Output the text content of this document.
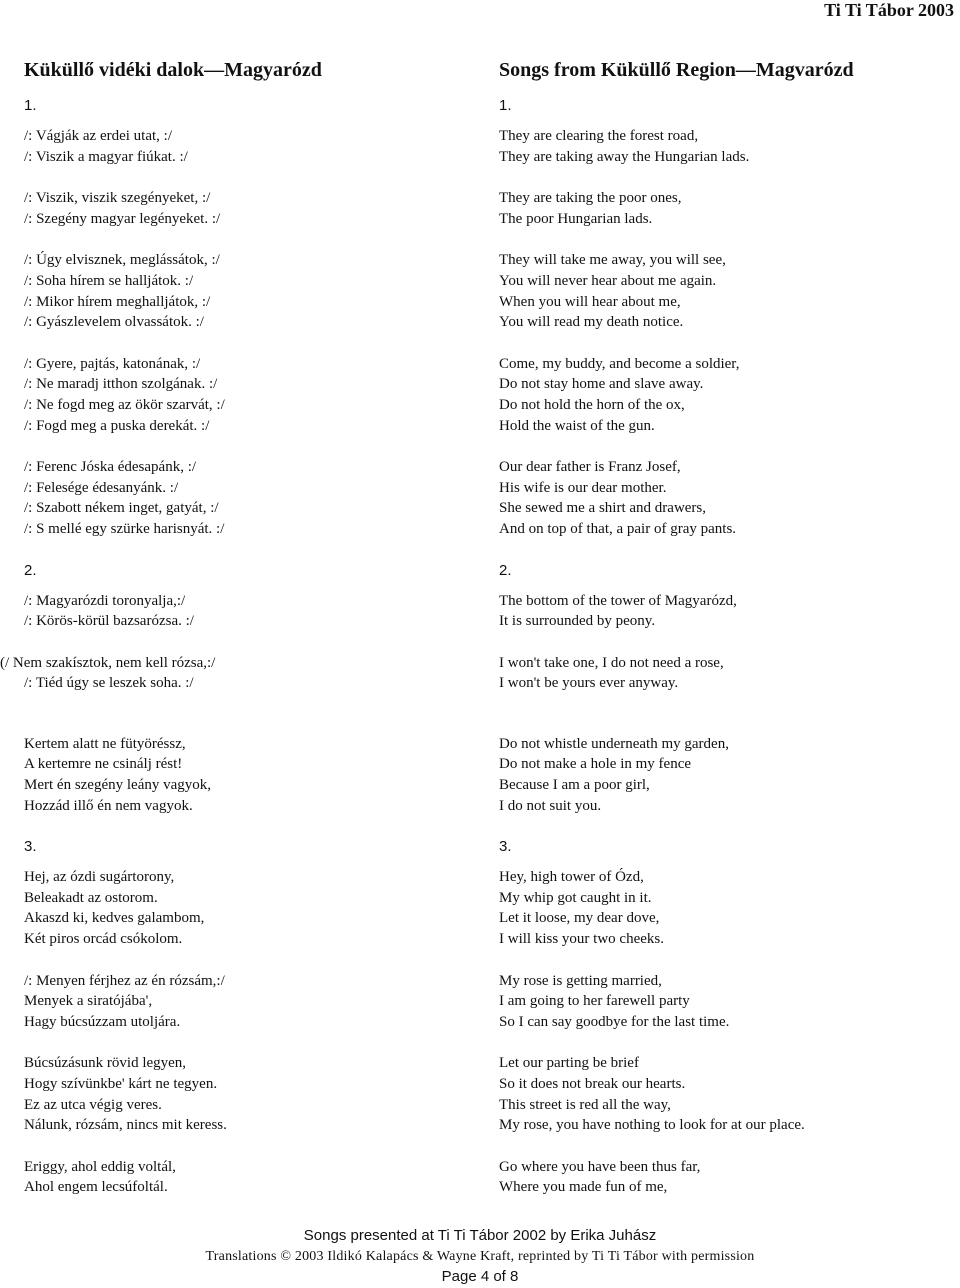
Ti Ti Tábor 2003
Küküllő vidéki dalok—Magyarózd
1.
/: Vágják az erdei utat, :/
/: Viszik a magyar fiúkat. :/
/: Viszik, viszik szegényeket, :/
/: Szegény magyar legényeket. :/
/: Úgy elvisznek, meglássátok, :/
/: Soha hírem se halljátok. :/
/: Mikor hírem meghalljátok, :/
/: Gyászlevelem olvassátok. :/
/: Gyere, pajtás, katonának, :/
/: Ne maradj itthon szolgának. :/
/: Ne fogd meg az ökör szarvát, :/
/: Fogd meg a puska derekát. :/
/: Ferenc Jóska édesapánk, :/
/: Felesége édesanyánk. :/
/: Szabott nékem inget, gatyát, :/
/: S mellé egy szürke harisnyát. :/
2.
/: Magyarózdi toronyalja,:/
/: Körös-körül bazsarózsa. :/
(/ Nem szakísztok, nem kell rózsa,:/
/: Tiéd úgy se leszek soha. :/
Kertem alatt ne fütyöréssz,
A kertemre ne csinálj rést!
Mert én szegény leány vagyok,
Hozzád illő én nem vagyok.
3.
Hej, az ózdi sugártorony,
Beleakadt az ostorom.
Akaszd ki, kedves galambom,
Két piros orcád csókolom.
/: Menyen férjhez az én rózsám,:/
Menyek a siratójába',
Hagy búcsúzzam utoljára.
Búcsúzásunk rövid legyen,
Hogy szívünkbe' kárt ne tegyen.
Ez az utca végig veres.
Nálunk, rózsám, nincs mit keress.
Eriggy, ahol eddig voltál,
Ahol engem lecsúfoltál.
Songs from Küküllő Region—Magvarózd
1.
They are clearing the forest road,
They are taking away the Hungarian lads.
They are taking the poor ones,
The poor Hungarian lads.
They will take me away, you will see,
You will never hear about me again.
When you will hear about me,
You will read my death notice.
Come, my buddy, and become a soldier,
Do not stay home and slave away.
Do not hold the horn of the ox,
Hold the waist of the gun.
Our dear father is Franz Josef,
His wife is our dear mother.
She sewed me a shirt and drawers,
And on top of that, a pair of gray pants.
2.
The bottom of the tower of Magyarózd,
It is surrounded by peony.
I won't take one, I do not need a rose,
I won't be yours ever anyway.
Do not whistle underneath my garden,
Do not make a hole in my fence
Because I am a poor girl,
I do not suit you.
3.
Hey, high tower of Ózd,
My whip got caught in it.
Let it loose, my dear dove,
I will kiss your two cheeks.
My rose is getting married,
I am going to her farewell party
So I can say goodbye for the last time.
Let our parting be brief
So it does not break our hearts.
This street is red all the way,
My rose, you have nothing to look for at our place.
Go where you have been thus far,
Where you made fun of me,
Songs presented at Ti Ti Tábor 2002 by Erika Juhász
Translations © 2003 Ildikó Kalapács & Wayne Kraft, reprinted by Ti Ti Tábor with permission
Page 4 of 8
